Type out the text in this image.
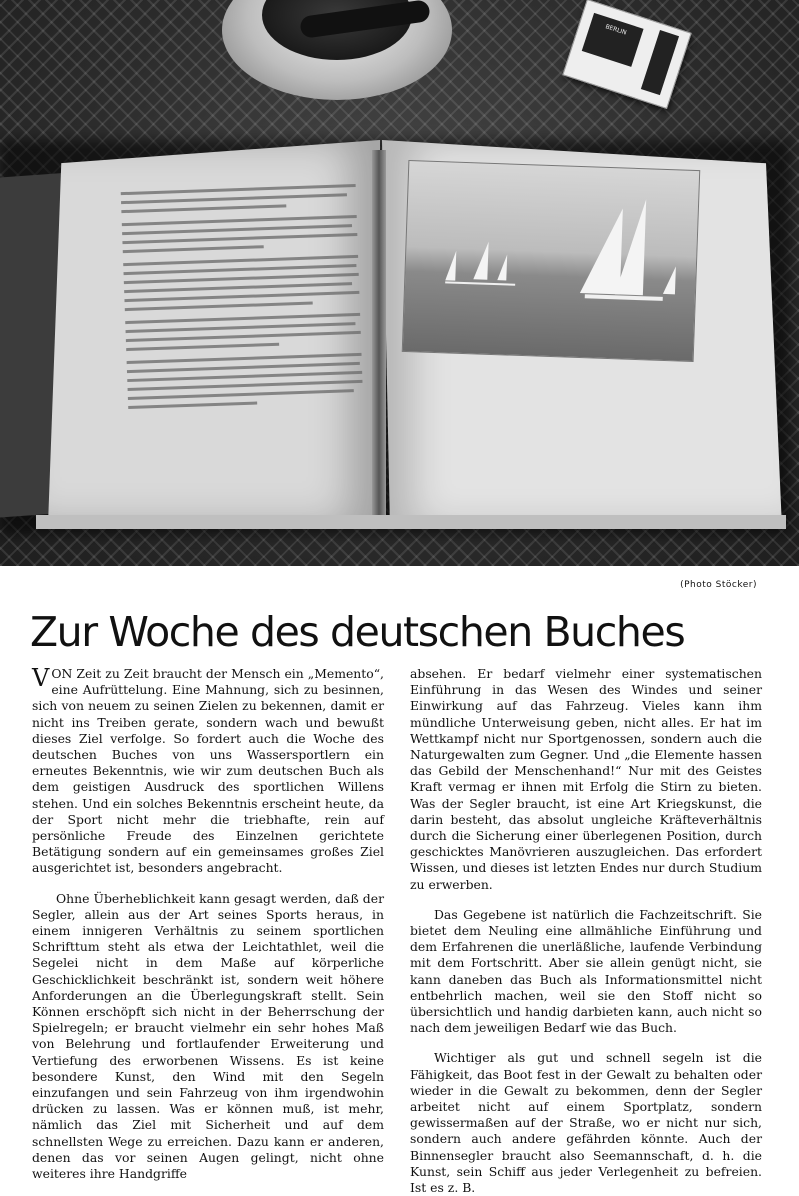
BERLIN
(Photo Stöcker)
Zur Woche des deutschen Buches

VON Zeit zu Zeit braucht der Mensch ein „Memento“, eine Aufrüttelung. Eine Mahnung, sich zu besinnen, sich von neuem zu seinen Zielen zu bekennen, damit er nicht ins Treiben gerate, sondern wach und bewußt dieses Ziel verfolge. So fordert auch die Woche des deutschen Buches von uns Wassersportlern ein erneutes Bekenntnis, wie wir zum deutschen Buch als dem geistigen Ausdruck des sportlichen Willens stehen. Und ein solches Bekenntnis erscheint heute, da der Sport nicht mehr die triebhafte, rein auf persönliche Freude des Einzelnen gerichtete Betätigung sondern auf ein gemeinsames großes Ziel ausgerichtet ist, besonders angebracht.

Ohne Überheblichkeit kann gesagt werden, daß der Segler, allein aus der Art seines Sports heraus, in einem innigeren Verhältnis zu seinem sportlichen Schrifttum steht als etwa der Leichtathlet, weil die Segelei nicht in dem Maße auf körperliche Geschicklichkeit beschränkt ist, sondern weit höhere Anforderungen an die Überlegungskraft stellt. Sein Können erschöpft sich nicht in der Beherrschung der Spielregeln; er braucht vielmehr ein sehr hohes Maß von Belehrung und fortlaufender Erweiterung und Vertiefung des erworbenen Wissens. Es ist keine besondere Kunst, den Wind mit den Segeln einzufangen und sein Fahrzeug von ihm irgendwohin drücken zu lassen. Was er können muß, ist mehr, nämlich das Ziel mit Sicherheit und auf dem schnellsten Wege zu erreichen. Dazu kann er anderen, denen das vor seinen Augen gelingt, nicht ohne weiteres ihre Handgriffe

absehen. Er bedarf vielmehr einer systematischen Einführung in das Wesen des Windes und seiner Einwirkung auf das Fahrzeug. Vieles kann ihm mündliche Unterweisung geben, nicht alles. Er hat im Wettkampf nicht nur Sportgenossen, sondern auch die Naturgewalten zum Gegner. Und „die Elemente hassen das Gebild der Menschenhand!“ Nur mit des Geistes Kraft vermag er ihnen mit Erfolg die Stirn zu bieten. Was der Segler braucht, ist eine Art Kriegskunst, die darin besteht, das absolut ungleiche Kräfteverhältnis durch die Sicherung einer überlegenen Position, durch geschicktes Manövrieren auszugleichen. Das erfordert Wissen, und dieses ist letzten Endes nur durch Studium zu erwerben.

Das Gegebene ist natürlich die Fachzeitschrift. Sie bietet dem Neuling eine allmähliche Einführung und dem Erfahrenen die unerläßliche, laufende Verbindung mit dem Fortschritt. Aber sie allein genügt nicht, sie kann daneben das Buch als Informationsmittel nicht entbehrlich machen, weil sie den Stoff nicht so übersichtlich und handig darbieten kann, auch nicht so nach dem jeweiligen Bedarf wie das Buch.

Wichtiger als gut und schnell segeln ist die Fähigkeit, das Boot fest in der Gewalt zu behalten oder wieder in die Gewalt zu bekommen, denn der Segler arbeitet nicht auf einem Sportplatz, sondern gewissermaßen auf der Straße, wo er nicht nur sich, sondern auch andere gefährden könnte. Auch der Binnensegler braucht also Seemannschaft, d. h. die Kunst, sein Schiff aus jeder Verlegenheit zu befreien. Ist es z. B.
